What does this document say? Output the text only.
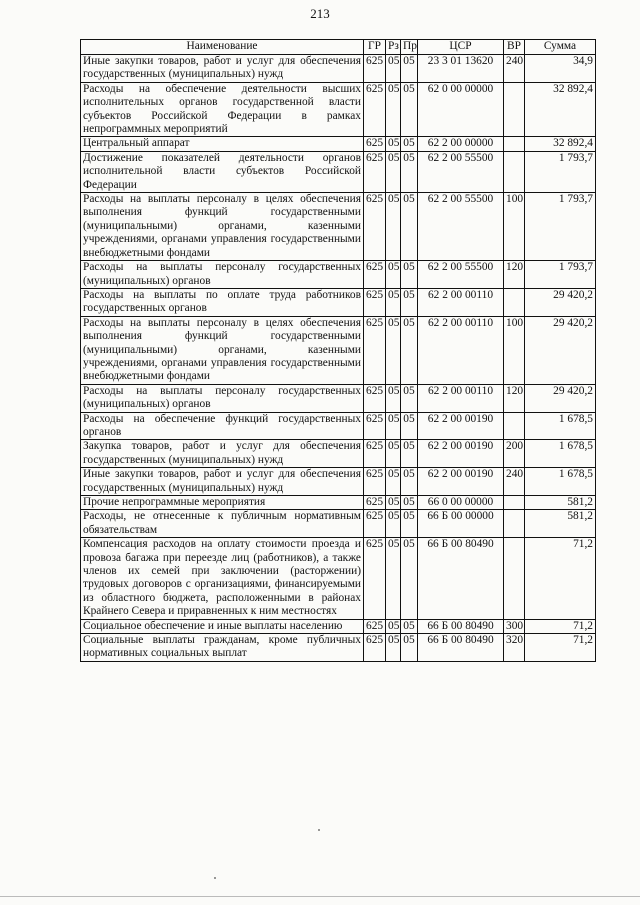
213
Наименование	ГР	Рз	Пр	ЦСР	ВР	Сумма
Иные закупки товаров, работ и услуг для обеспечения государственных (муниципальных) нужд	625	05	05	23 3 01 13620	240	34,9
Расходы на обеспечение деятельности высших исполнительных органов государственной власти субъектов Российской Федерации в рамках непрограммных мероприятий	625	05	05	62 0 00 00000		32 892,4
Центральный аппарат	625	05	05	62 2 00 00000		32 892,4
Достижение показателей деятельности органов исполнительной власти субъектов Российской Федерации	625	05	05	62 2 00 55500		1 793,7
Расходы на выплаты персоналу в целях обеспечения выполнения функций государственными (муниципальными) органами, казенными учреждениями, органами управления государственными внебюджетными фондами	625	05	05	62 2 00 55500	100	1 793,7
Расходы на выплаты персоналу государственных (муниципальных) органов	625	05	05	62 2 00 55500	120	1 793,7
Расходы на выплаты по оплате труда работников государственных органов	625	05	05	62 2 00 00110		29 420,2
Расходы на выплаты персоналу в целях обеспечения выполнения функций государственными (муниципальными) органами, казенными учреждениями, органами управления государственными внебюджетными фондами	625	05	05	62 2 00 00110	100	29 420,2
Расходы на выплаты персоналу государственных (муниципальных) органов	625	05	05	62 2 00 00110	120	29 420,2
Расходы на обеспечение функций государственных органов	625	05	05	62 2 00 00190		1 678,5
Закупка товаров, работ и услуг для обеспечения государственных (муниципальных) нужд	625	05	05	62 2 00 00190	200	1 678,5
Иные закупки товаров, работ и услуг для обеспечения государственных (муниципальных) нужд	625	05	05	62 2 00 00190	240	1 678,5
Прочие непрограммные мероприятия	625	05	05	66 0 00 00000		581,2
Расходы, не отнесенные к публичным нормативным обязательствам	625	05	05	66 Б 00 00000		581,2
Компенсация расходов на оплату стоимости проезда и провоза багажа при переезде лиц (работников), а также членов их семей при заключении (расторжении) трудовых договоров с организациями, финансируемыми из областного бюджета, расположенными в районах Крайнего Севера и приравненных к ним местностях	625	05	05	66 Б 00 80490		71,2
Социальное обеспечение и иные выплаты населению	625	05	05	66 Б 00 80490	300	71,2
Социальные выплаты гражданам, кроме публичных нормативных социальных выплат	625	05	05	66 Б 00 80490	320	71,2
